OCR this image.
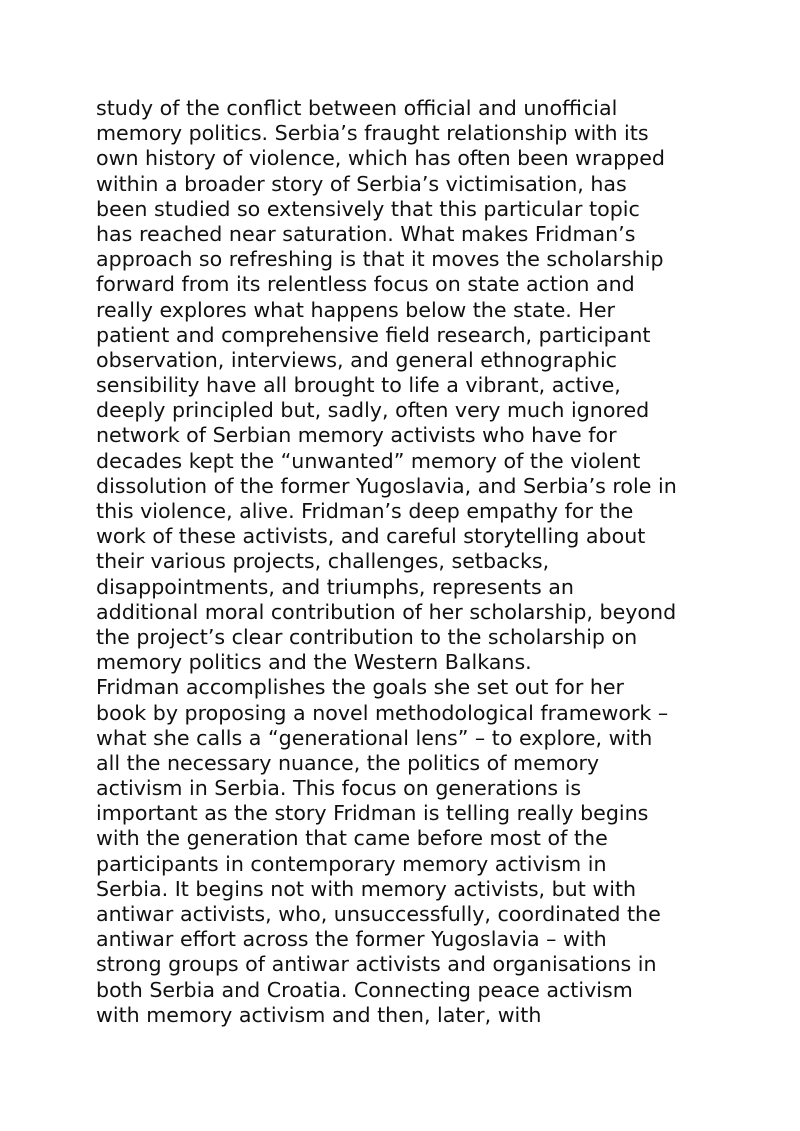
study of the conflict between official and unofficial
memory politics. Serbia’s fraught relationship with its
own history of violence, which has often been wrapped
within a broader story of Serbia’s victimisation, has
been studied so extensively that this particular topic
has reached near saturation. What makes Fridman’s
approach so refreshing is that it moves the scholarship
forward from its relentless focus on state action and
really explores what happens below the state. Her
patient and comprehensive field research, participant
observation, interviews, and general ethnographic
sensibility have all brought to life a vibrant, active,
deeply principled but, sadly, often very much ignored
network of Serbian memory activists who have for
decades kept the “unwanted” memory of the violent
dissolution of the former Yugoslavia, and Serbia’s role in
this violence, alive. Fridman’s deep empathy for the
work of these activists, and careful storytelling about
their various projects, challenges, setbacks,
disappointments, and triumphs, represents an
additional moral contribution of her scholarship, beyond
the project’s clear contribution to the scholarship on
memory politics and the Western Balkans.
Fridman accomplishes the goals she set out for her
book by proposing a novel methodological framework –
what she calls a “generational lens” – to explore, with
all the necessary nuance, the politics of memory
activism in Serbia. This focus on generations is
important as the story Fridman is telling really begins
with the generation that came before most of the
participants in contemporary memory activism in
Serbia. It begins not with memory activists, but with
antiwar activists, who, unsuccessfully, coordinated the
antiwar effort across the former Yugoslavia – with
strong groups of antiwar activists and organisations in
both Serbia and Croatia. Connecting peace activism
with memory activism and then, later, with
